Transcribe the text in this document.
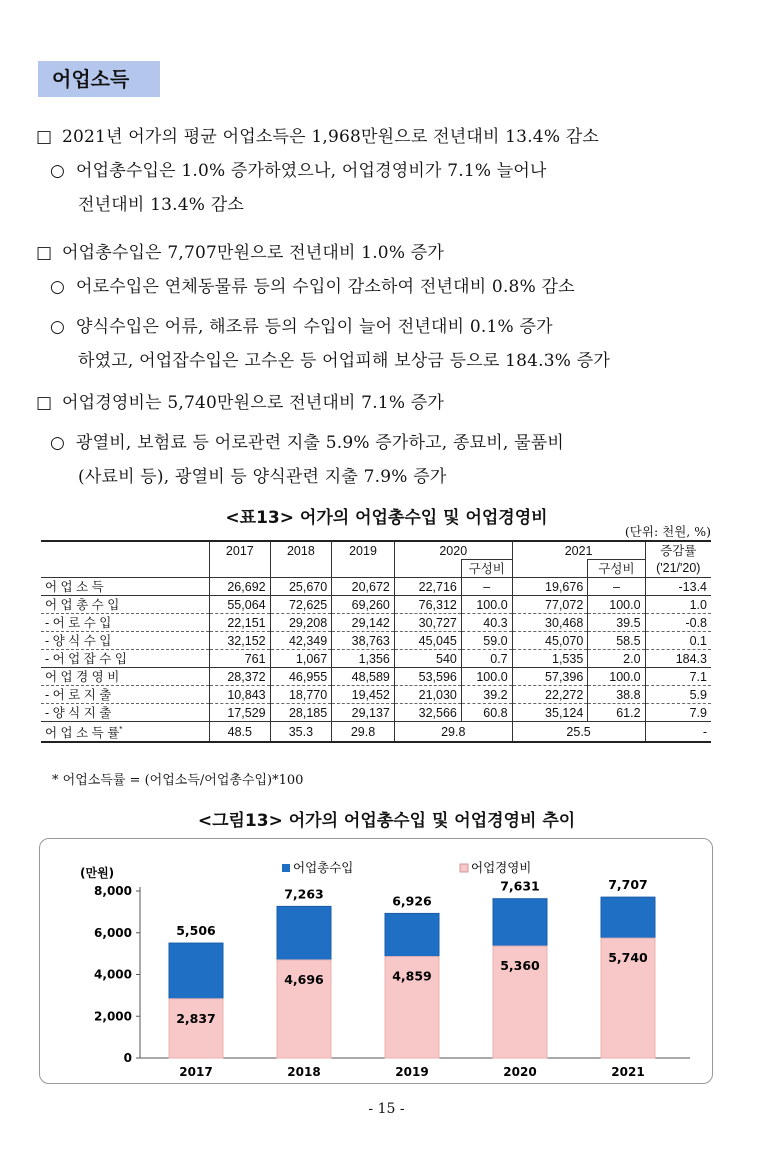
어업소득
□ 2021년 어가의 평균 어업소득은 1,968만원으로 전년대비 13.4% 감소
○ 어업총수입은 1.0% 증가하였으나, 어업경영비가 7.1% 늘어나
전년대비 13.4% 감소
□ 어업총수입은 7,707만원으로 전년대비 1.0% 증가
○ 어로수입은 연체동물류 등의 수입이 감소하여 전년대비 0.8% 감소
○ 양식수입은 어류, 해조류 등의 수입이 늘어 전년대비 0.1% 증가
하였고, 어업잡수입은 고수온 등 어업피해 보상금 등으로 184.3% 증가
□ 어업경영비는 5,740만원으로 전년대비 7.1% 증가
○ 광열비, 보험료 등 어로관련 지출 5.9% 증가하고, 종묘비, 물품비
(사료비 등), 광열비 등 양식관련 지출 7.9% 증가
<표13> 어가의 어업총수입 및 어업경영비
(단위: 천원, %)
	2017	2018	2019	2020		2021		증감률
					구성비		구성비	('21/'20)
어 업 소 득	26,692	25,670	20,672	22,716	–	19,676	–	-13.4
어 업 총 수 입	55,064	72,625	69,260	76,312	100.0	77,072	100.0	1.0
- 어 로 수 입	22,151	29,208	29,142	30,727	40.3	30,468	39.5	-0.8
- 양 식 수 입	32,152	42,349	38,763	45,045	59.0	45,070	58.5	0.1
- 어 업 잡 수 입	761	1,067	1,356	540	0.7	1,535	2.0	184.3
어 업 경 영 비	28,372	46,955	48,589	53,596	100.0	57,396	100.0	7.1
- 어 로 지 출	10,843	18,770	19,452	21,030	39.2	22,272	38.8	5.9
- 양 식 지 출	17,529	28,185	29,137	32,566	60.8	35,124	61.2	7.9
어 업 소 득 률*	48.5	35.3	29.8	29.8		25.5		-
* 어업소득률 = (어업소득/어업총수입)*100
<그림13> 어가의 어업총수입 및 어업경영비 추이
0
2,000
4,000
6,000
8,000
(만원)	어업총수입	어업경영비
5,506
2,837
2017
7,263
4,696
2018
6,926
4,859
2019
7,631
5,360
2020
7,707
5,740
2021
- 15 -
